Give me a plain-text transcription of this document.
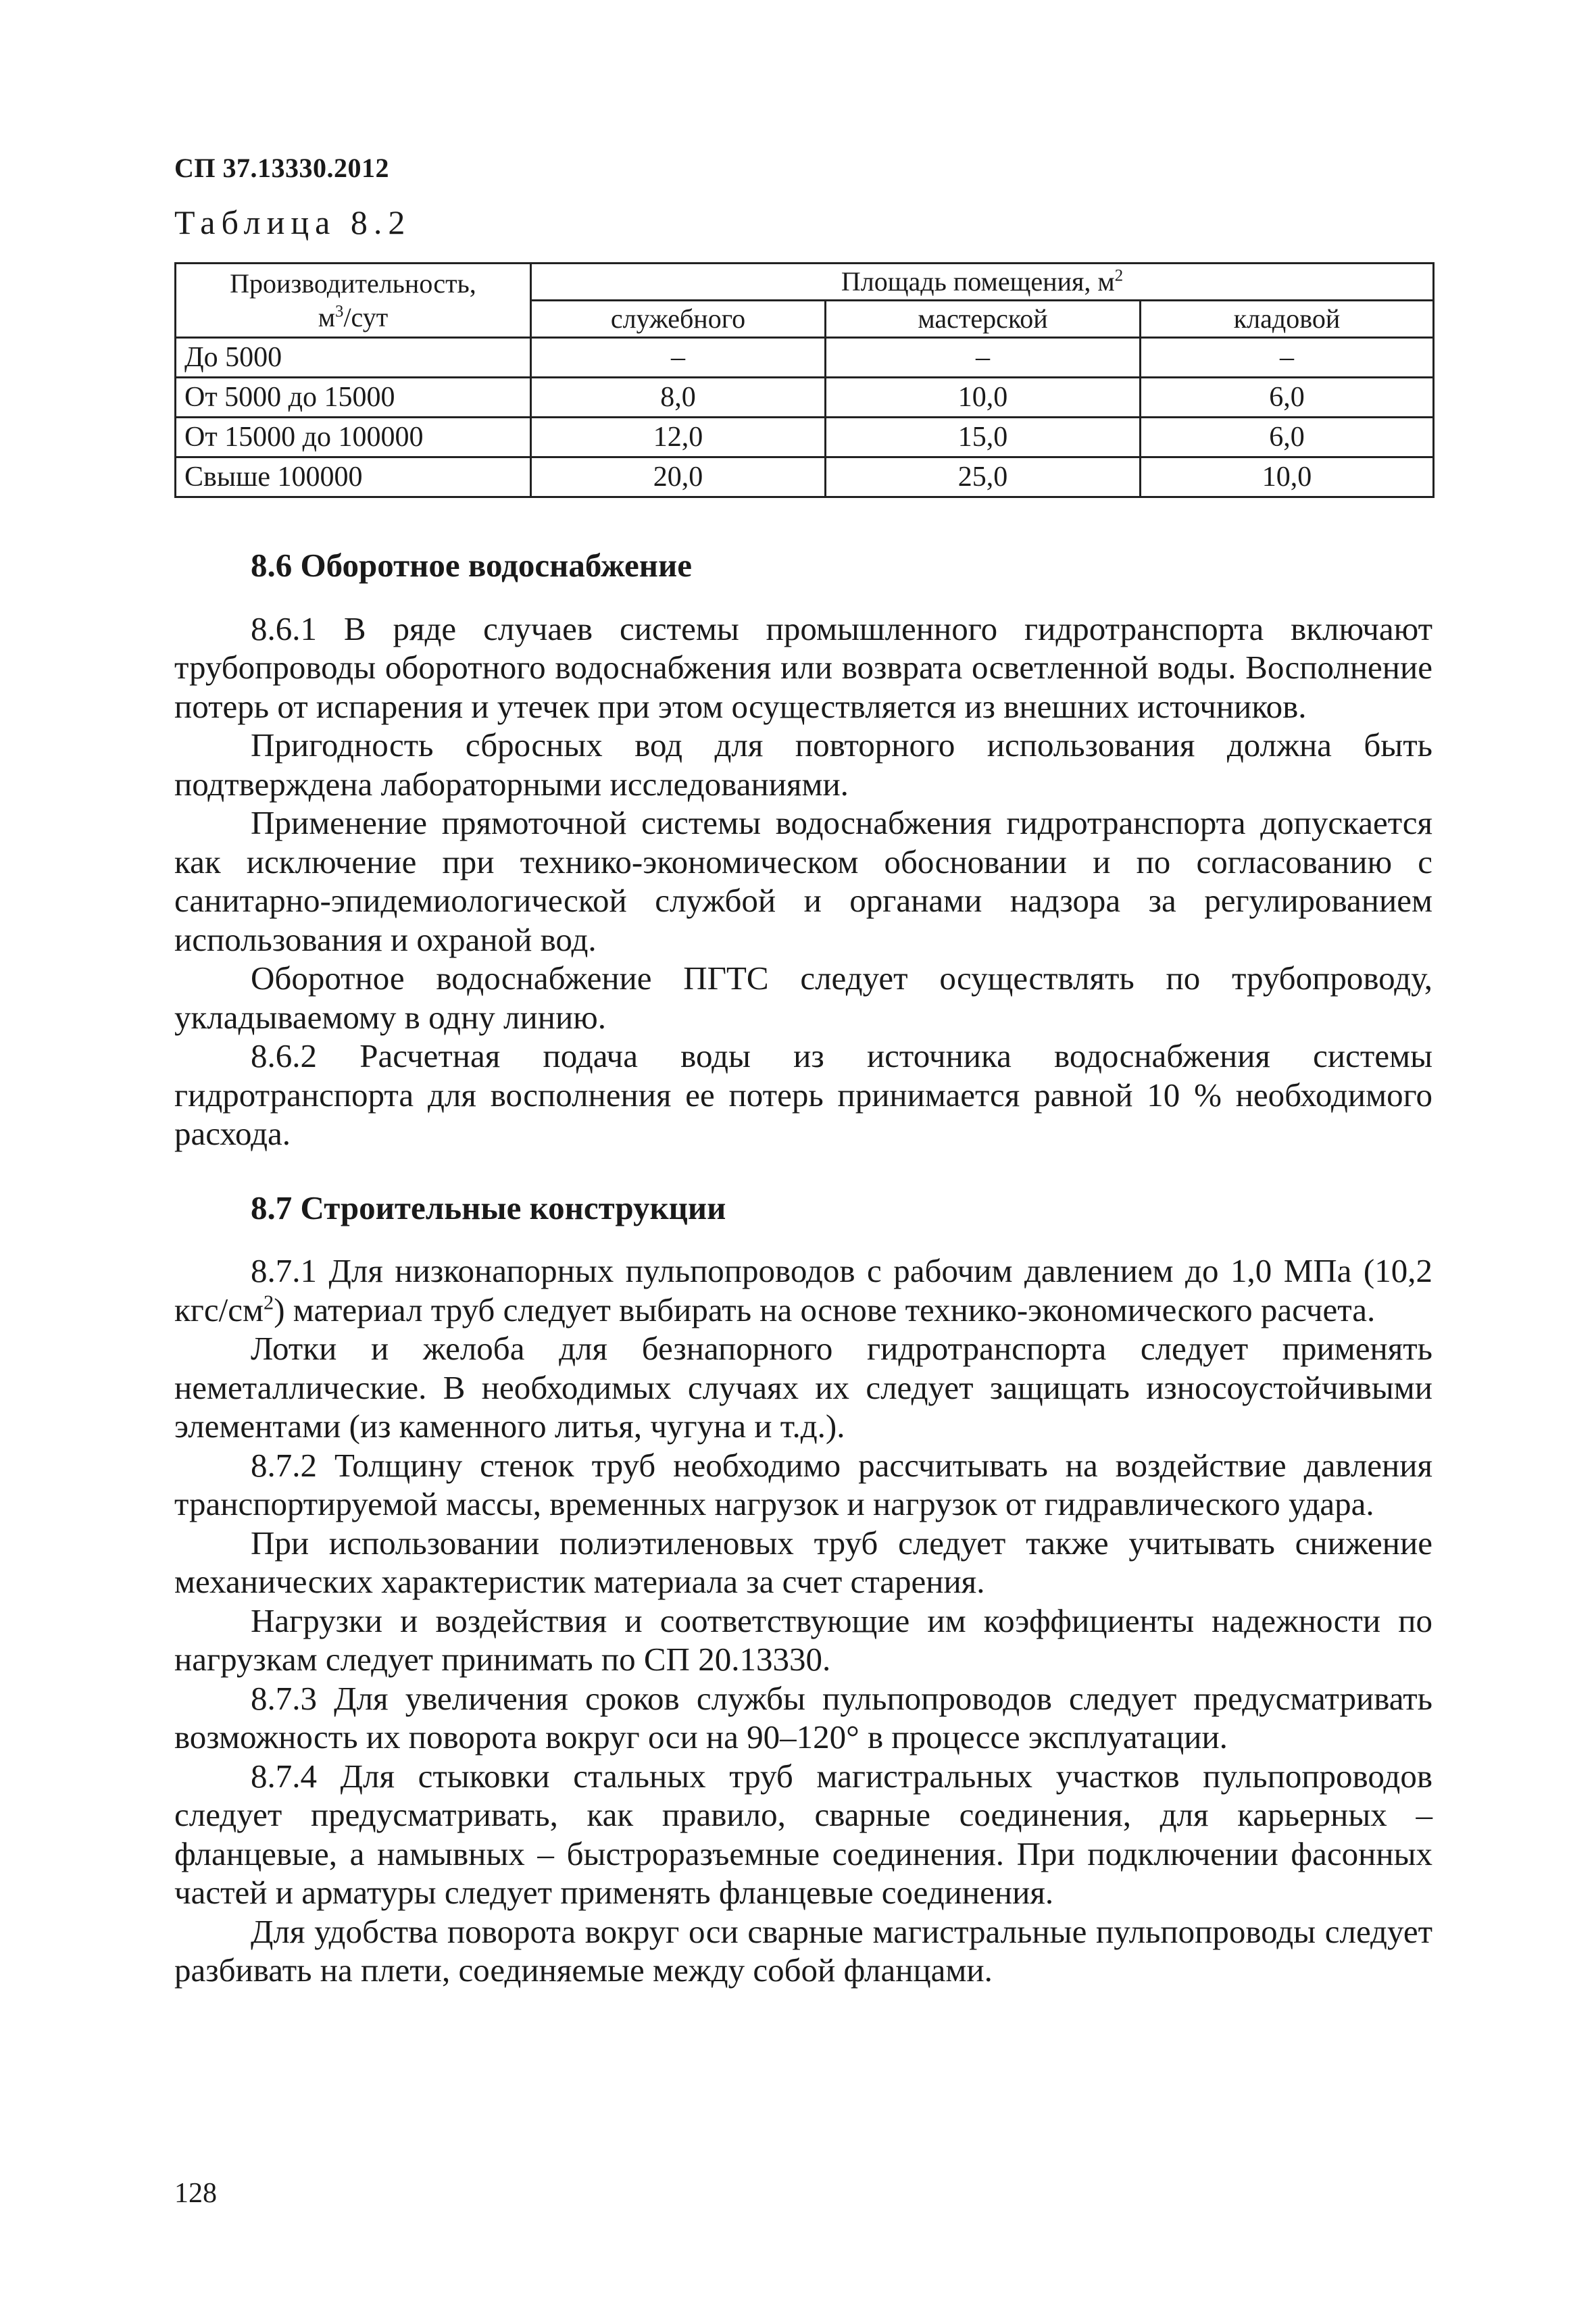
СП 37.13330.2012
Таблица 8.2
Производительность,
$м^3$/сут	Площадь помещения, $м^2$
	служебного	мастерской	кладовой
До 5000	–	–	–
От 5000 до 15000	8,0	10,0	6,0
От 15000 до 100000	12,0	15,0	6,0
Свыше 100000	20,0	25,0	10,0
8.6 Оборотное водоснабжение

8.6.1 В ряде случаев системы промышленного гидротранспорта включают трубопроводы оборотного водоснабжения или возврата осветленной воды. Восполнение потерь от испарения и утечек при этом осуществляется из внешних источников.

Пригодность сбросных вод для повторного использования должна быть подтверждена лабораторными исследованиями.

Применение прямоточной системы водоснабжения гидротранспорта допускается как исключение при технико-экономическом обосновании и по согласованию с санитарно-эпидемиологической службой и органами надзора за регулированием использования и охраной вод.

Оборотное водоснабжение ПГТС следует осуществлять по трубопроводу, укладываемому в одну линию.

8.6.2 Расчетная подача воды из источника водоснабжения системы гидротранспорта для восполнения ее потерь принимается равной 10 % необходимого расхода.

8.7 Строительные конструкции

8.7.1 Для низконапорных пульпопроводов с рабочим давлением до 1,0 МПа (10,2 кгс/$см^2$) материал труб следует выбирать на основе технико-экономического расчета.

Лотки и желоба для безнапорного гидротранспорта следует применять неметаллические. В необходимых случаях их следует защищать износоустойчивыми элементами (из каменного литья, чугуна и т.д.).

8.7.2 Толщину стенок труб необходимо рассчитывать на воздействие давления транспортируемой массы, временных нагрузок и нагрузок от гидравлического удара.

При использовании полиэтиленовых труб следует также учитывать снижение механических характеристик материала за счет старения.

Нагрузки и воздействия и соответствующие им коэффициенты надежности по нагрузкам следует принимать по СП 20.13330.

8.7.3 Для увеличения сроков службы пульпопроводов следует предусматривать возможность их поворота вокруг оси на 90–120° в процессе эксплуатации.

8.7.4 Для стыковки стальных труб магистральных участков пульпопроводов следует предусматривать, как правило, сварные соединения, для карьерных – фланцевые, а намывных – быстроразъемные соединения. При подключении фасонных частей и арматуры следует применять фланцевые соединения.

Для удобства поворота вокруг оси сварные магистральные пульпопроводы следует разбивать на плети, соединяемые между собой фланцами.

128
